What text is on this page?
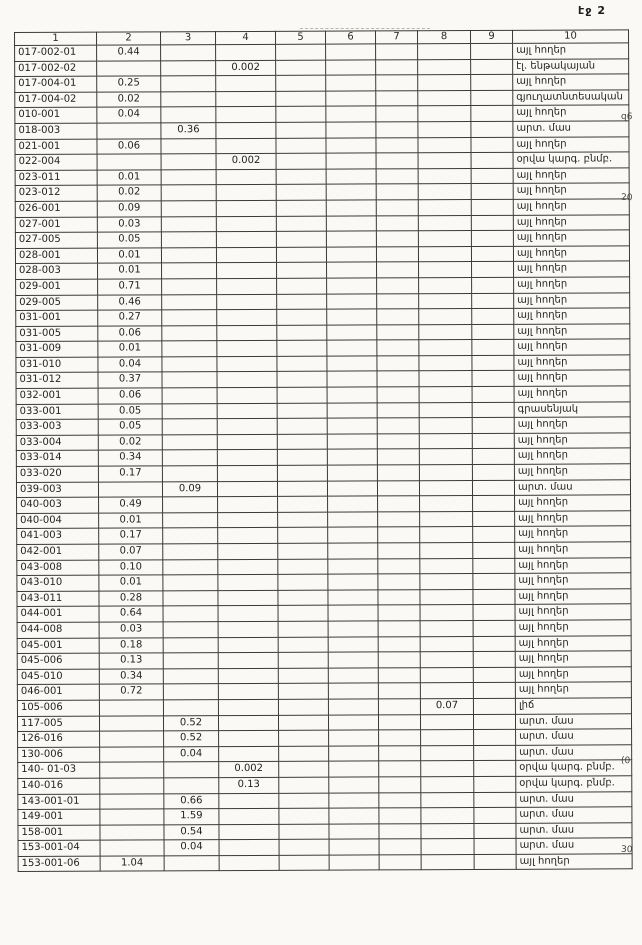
էջ 2
1	2	3	4	5	6	7	8	9	10
017-002-01	0.44								այլ հողեր
017-002-02			0.002						էլ. ենթակայան
017-004-01	0.25								այլ հողեր
017-004-02	0.02								գյուղատնտեսական
010-001	0.04								այլ հողեր
018-003		0.36							արտ. մաս
021-001	0.06								այլ հողեր
022-004			0.002						օրվա կարգ. բնմբ.
023-011	0.01								այլ հողեր
023-012	0.02								այլ հողեր
026-001	0.09								այլ հողեր
027-001	0.03								այլ հողեր
027-005	0.05								այլ հողեր
028-001	0.01								այլ հողեր
028-003	0.01								այլ հողեր
029-001	0.71								այլ հողեր
029-005	0.46								այլ հողեր
031-001	0.27								այլ հողեր
031-005	0.06								այլ հողեր
031-009	0.01								այլ հողեր
031-010	0.04								այլ հողեր
031-012	0.37								այլ հողեր
032-001	0.06								այլ հողեր
033-001	0.05								գրասենյակ
033-003	0.05								այլ հողեր
033-004	0.02								այլ հողեր
033-014	0.34								այլ հողեր
033-020	0.17								այլ հողեր
039-003		0.09							արտ. մաս
040-003	0.49								այլ հողեր
040-004	0.01								այլ հողեր
041-003	0.17								այլ հողեր
042-001	0.07								այլ հողեր
043-008	0.10								այլ հողեր
043-010	0.01								այլ հողեր
043-011	0.28								այլ հողեր
044-001	0.64								այլ հողեր
044-008	0.03								այլ հողեր
045-001	0.18								այլ հողեր
045-006	0.13								այլ հողեր
045-010	0.34								այլ հողեր
046-001	0.72								այլ հողեր
105-006							0.07		լիճ
117-005		0.52							արտ. մաս
126-016		0.52							արտ. մաս
130-006		0.04							արտ. մաս
140- 01-03			0.002						օրվա կարգ. բնմբ.
140-016			0.13						օրվա կարգ. բնմբ.
143-001-01		0.66							արտ. մաս
149-001		1.59							արտ. մաս
158-001		0.54							արտ. մաս
153-001-04		0.04							արտ. մաս
153-001-06	1.04								այլ հողեր
զ6
20
(0
30
